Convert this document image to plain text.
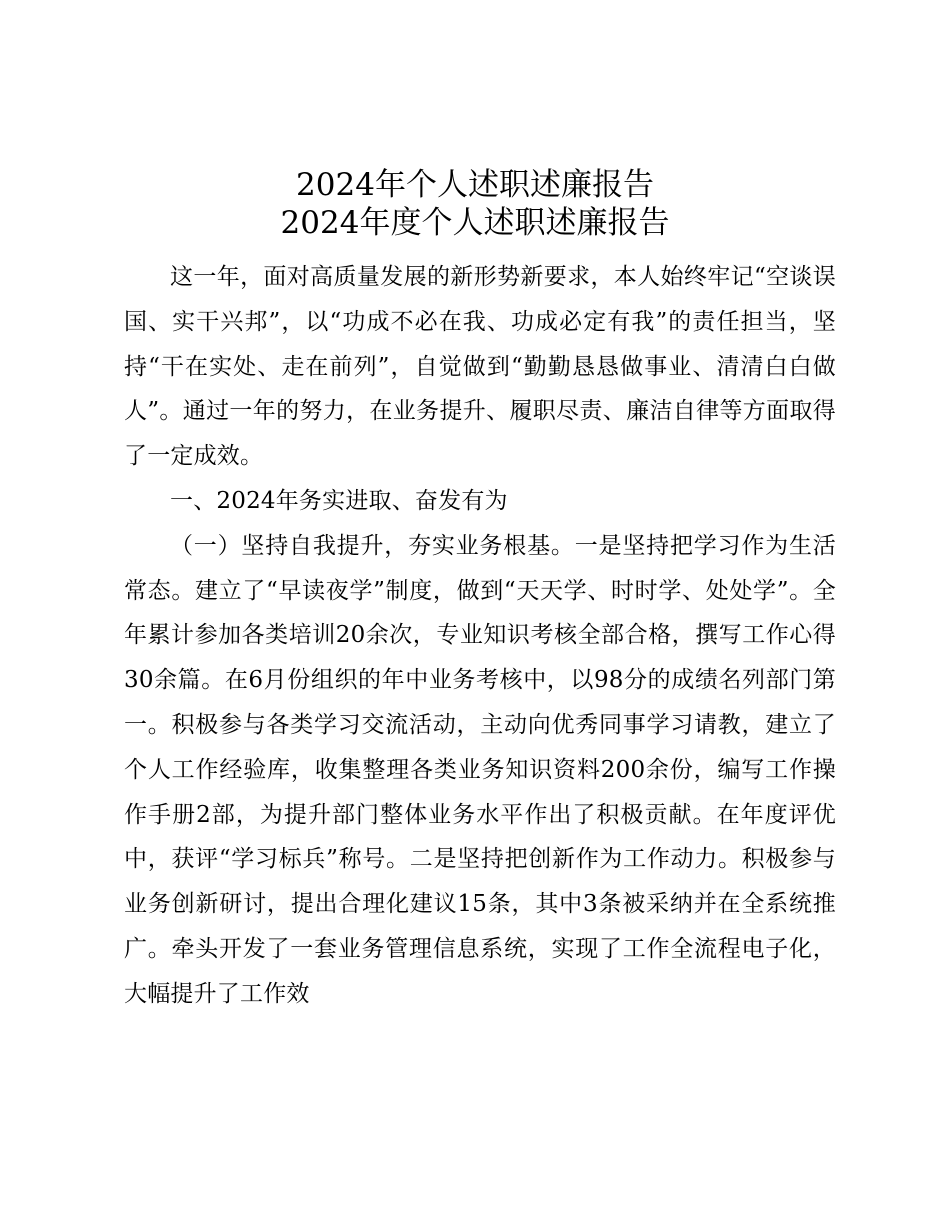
2024年个人述职述廉报告
2024年度个人述职述廉报告

这一年，面对高质量发展的新形势新要求，本人始终牢记“空谈误国、实干兴邦”，以“功成不必在我、功成必定有我”的责任担当，坚持“干在实处、走在前列”，自觉做到“勤勤恳恳做事业、清清白白做人”。通过一年的努力，在业务提升、履职尽责、廉洁自律等方面取得了一定成效。

一、2024年务实进取、奋发有为

（一）坚持自我提升，夯实业务根基。一是坚持把学习作为生活常态。建立了“早读夜学”制度，做到“天天学、时时学、处处学”。全年累计参加各类培训20余次，专业知识考核全部合格，撰写工作心得30余篇。在6月份组织的年中业务考核中，以98分的成绩名列部门第一。积极参与各类学习交流活动，主动向优秀同事学习请教，建立了个人工作经验库，收集整理各类业务知识资料200余份，编写工作操作手册2部，为提升部门整体业务水平作出了积极贡献。在年度评优中，获评“学习标兵”称号。二是坚持把创新作为工作动力。积极参与业务创新研讨，提出合理化建议15条，其中3条被采纳并在全系统推广。牵头开发了一套业务管理信息系统，实现了工作全流程电子化，大幅提升了工作效
